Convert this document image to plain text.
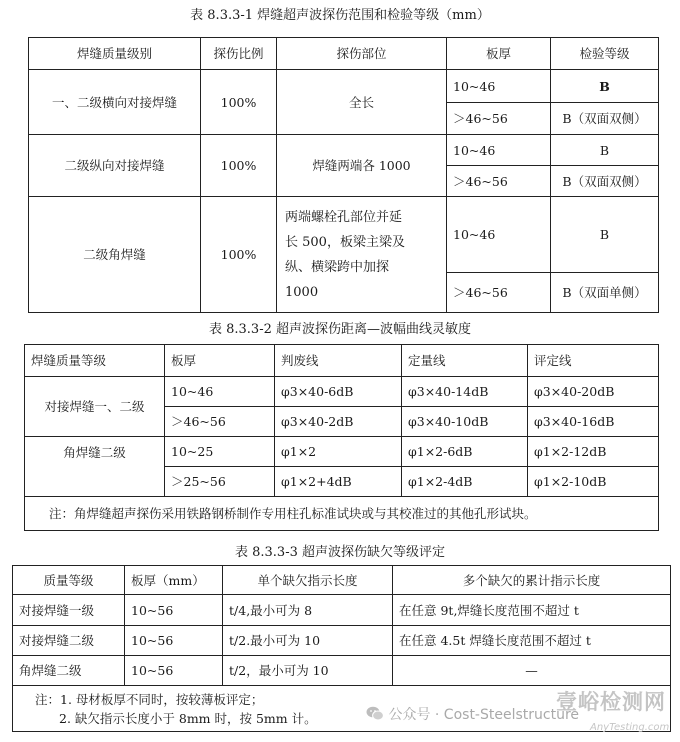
表 8.3.3-1 焊缝超声波探伤范围和检验等级（mm）
焊缝质量级别	探伤比例	探伤部位	板厚	检验等级
一、二级横向对接焊缝	100%	全长	10~46	B
			＞46~56	B（双面双侧）
二级纵向对接焊缝	100%	焊缝两端各 1000	10~46	B
			＞46~56	B（双面双侧）
二级角焊缝	100%	两端螺栓孔部位并延
长 500，板梁主梁及
纵、横梁跨中加探
1000	10~46	B
			＞46~56	B（双面单侧）
表 8.3.3-2 超声波探伤距离—波幅曲线灵敏度
焊缝质量等级	板厚	判废线	定量线	评定线
对接焊缝一、二级	10~46	φ3×40-6dB	φ3×40-14dB	φ3×40-20dB
	＞46~56	φ3×40-2dB	φ3×40-10dB	φ3×40-16dB
角焊缝二级	10~25	φ1×2	φ1×2-6dB	φ1×2-12dB
	＞25~56	φ1×2+4dB	φ1×2-4dB	φ1×2-10dB
注：角焊缝超声探伤采用铁路钢桥制作专用柱孔标准试块或与其校准过的其他孔形试块。				
表 8.3.3-3 超声波探伤缺欠等级评定
质量等级	板厚（mm）	单个缺欠指示长度	多个缺欠的累计指示长度
对接焊缝一级	10~56	t/4,最小可为 8	在任意 9t,焊缝长度范围不超过 t
对接焊缝二级	10~56	t/2.最小可为 10	在任意 4.5t 焊缝长度范围不超过 t
角焊缝二级	10~56	t/2，最小可为 10	—

注：1. 母材板厚不同时，按较薄板评定；
2. 缺欠指示长度小于 8mm 时，按 5mm 计。			
壹峪检测网
公众号 · Cost-Steelstructure
AnyTesting.com
